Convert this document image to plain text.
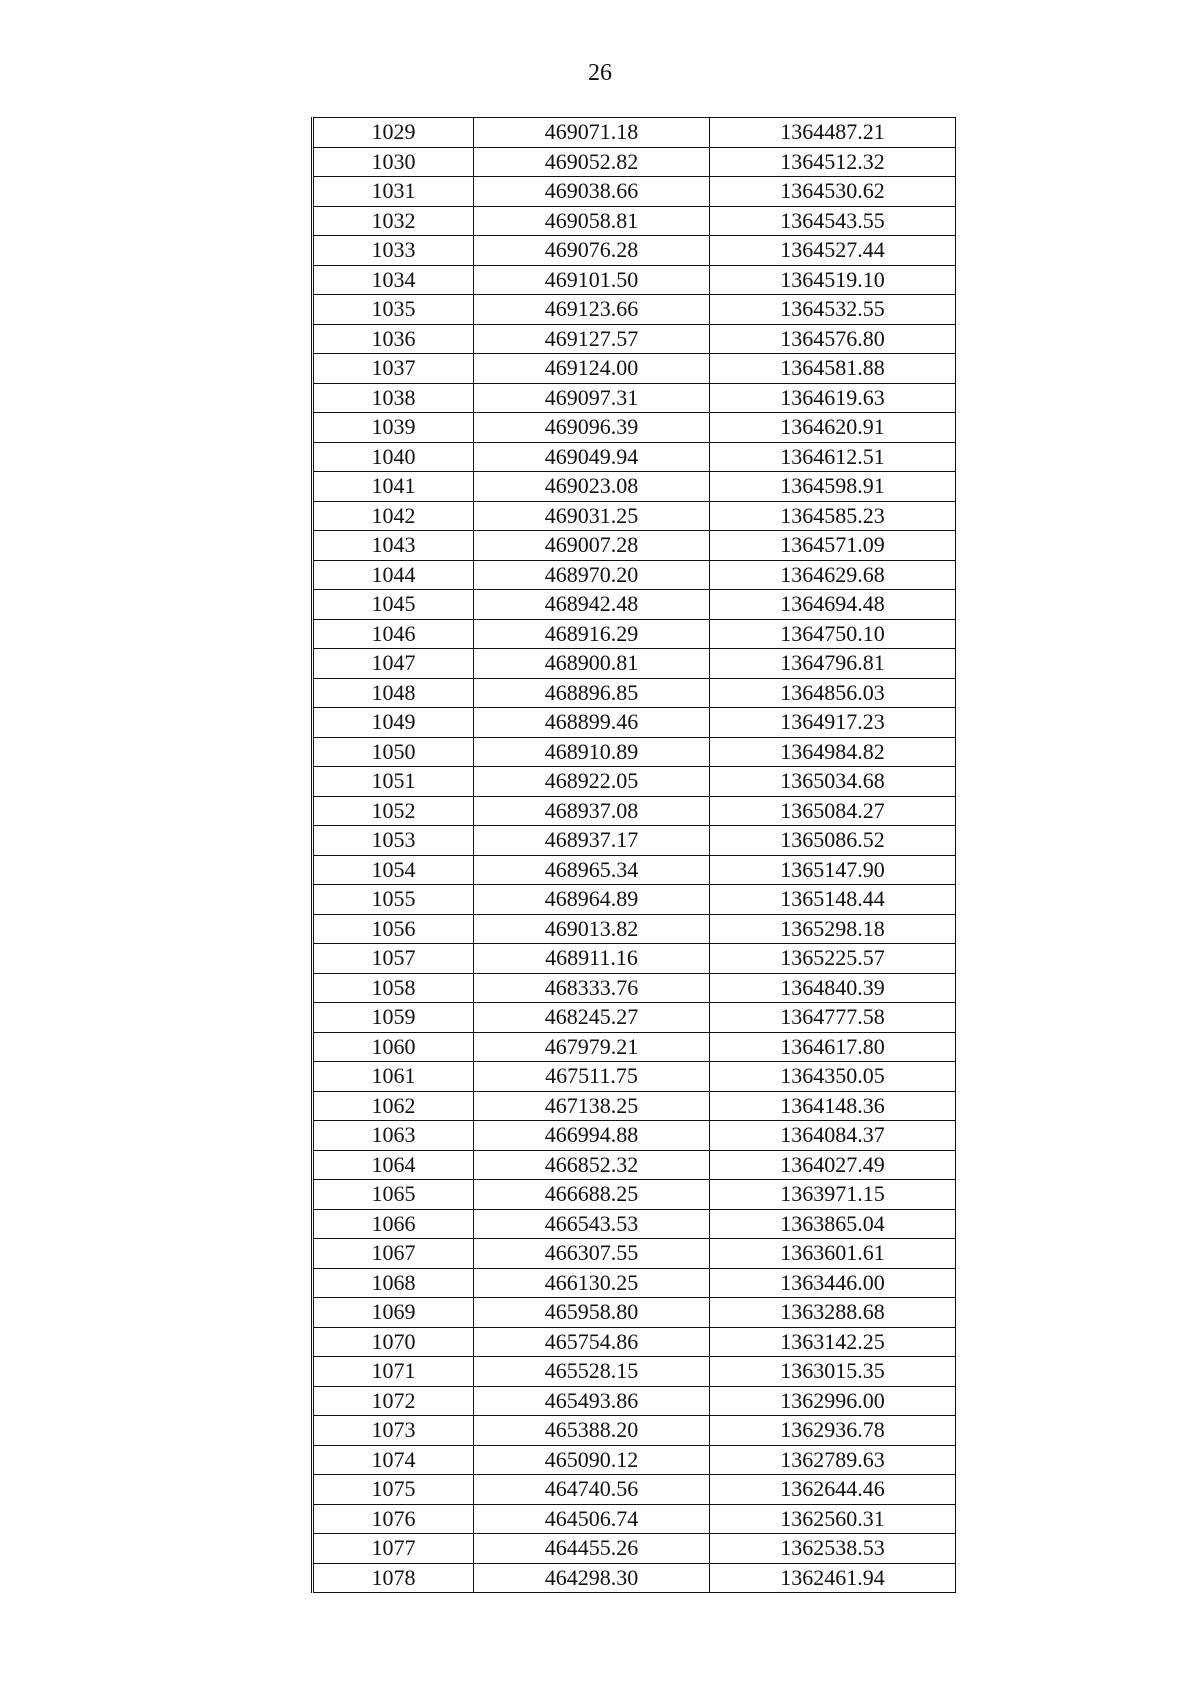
26
1029	469071.18	1364487.21
1030	469052.82	1364512.32
1031	469038.66	1364530.62
1032	469058.81	1364543.55
1033	469076.28	1364527.44
1034	469101.50	1364519.10
1035	469123.66	1364532.55
1036	469127.57	1364576.80
1037	469124.00	1364581.88
1038	469097.31	1364619.63
1039	469096.39	1364620.91
1040	469049.94	1364612.51
1041	469023.08	1364598.91
1042	469031.25	1364585.23
1043	469007.28	1364571.09
1044	468970.20	1364629.68
1045	468942.48	1364694.48
1046	468916.29	1364750.10
1047	468900.81	1364796.81
1048	468896.85	1364856.03
1049	468899.46	1364917.23
1050	468910.89	1364984.82
1051	468922.05	1365034.68
1052	468937.08	1365084.27
1053	468937.17	1365086.52
1054	468965.34	1365147.90
1055	468964.89	1365148.44
1056	469013.82	1365298.18
1057	468911.16	1365225.57
1058	468333.76	1364840.39
1059	468245.27	1364777.58
1060	467979.21	1364617.80
1061	467511.75	1364350.05
1062	467138.25	1364148.36
1063	466994.88	1364084.37
1064	466852.32	1364027.49
1065	466688.25	1363971.15
1066	466543.53	1363865.04
1067	466307.55	1363601.61
1068	466130.25	1363446.00
1069	465958.80	1363288.68
1070	465754.86	1363142.25
1071	465528.15	1363015.35
1072	465493.86	1362996.00
1073	465388.20	1362936.78
1074	465090.12	1362789.63
1075	464740.56	1362644.46
1076	464506.74	1362560.31
1077	464455.26	1362538.53
1078	464298.30	1362461.94
